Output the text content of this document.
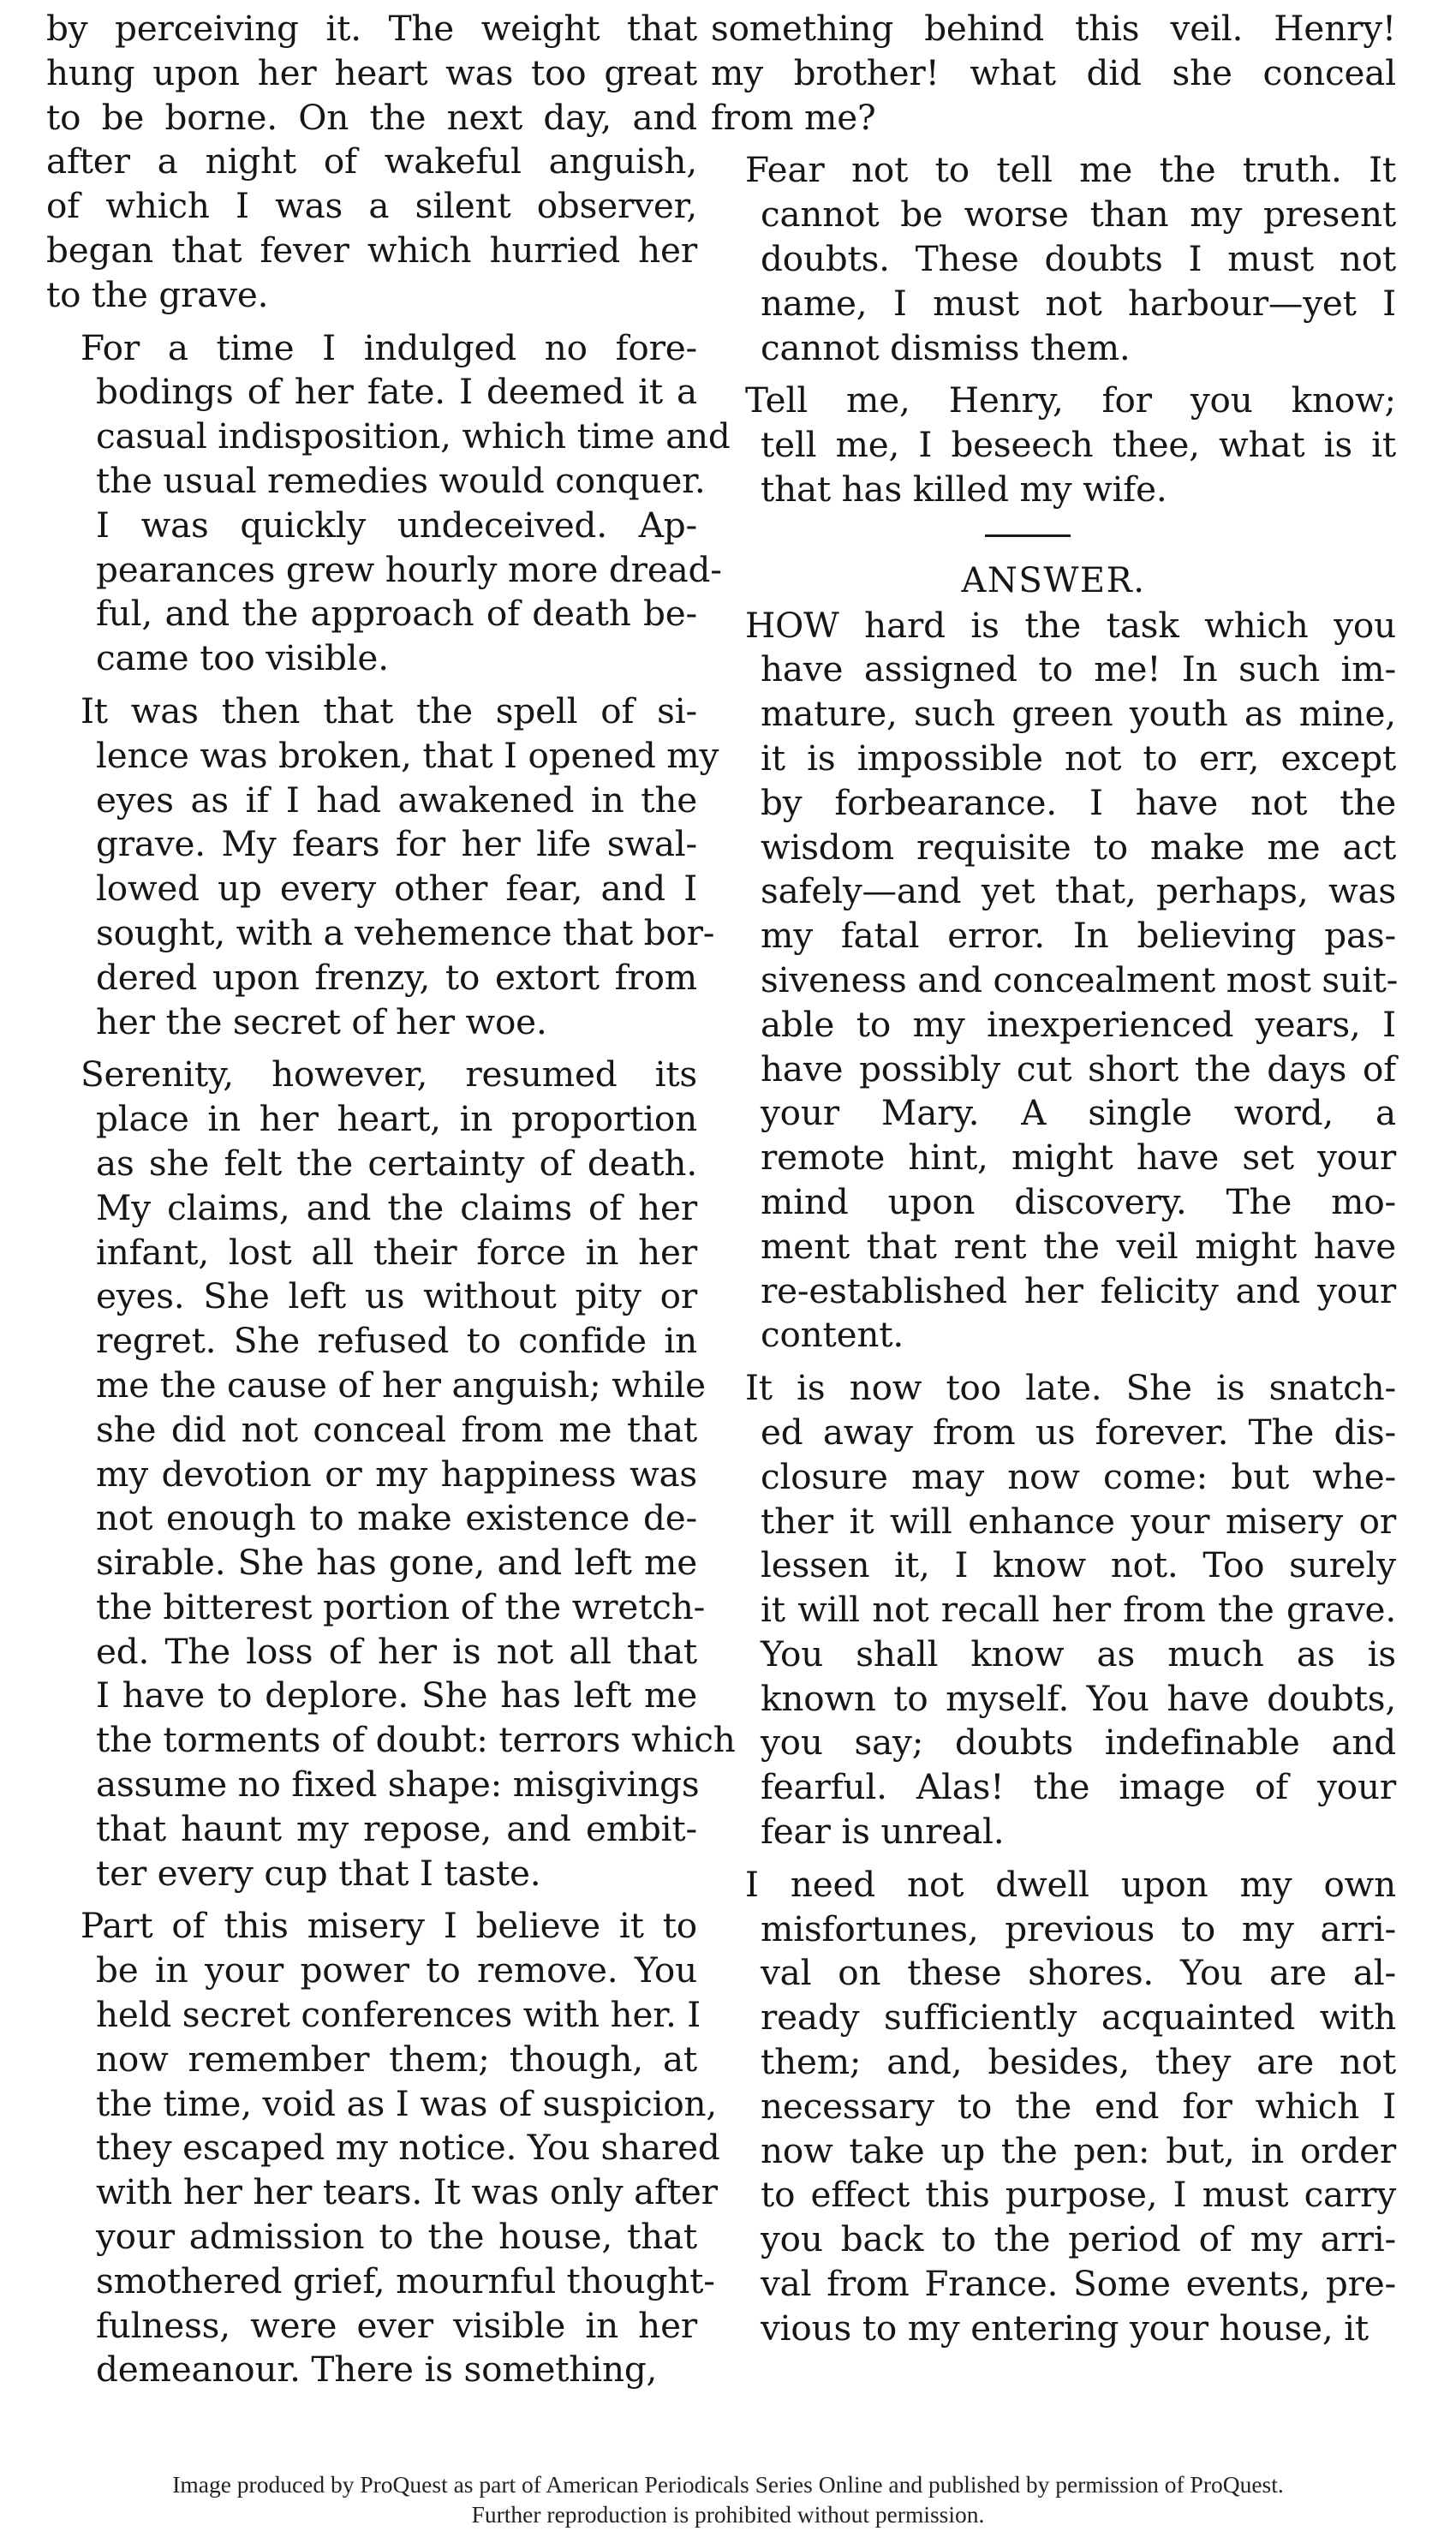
by perceiving it. The weight that
hung upon her heart was too great
to be borne. On the next day, and
after a night of wakeful anguish,
of which I was a silent observer,
began that fever which hurried her
to the grave.
For a time I indulged no fore-
bodings of her fate. I deemed it a
casual indisposition, which time and
the usual remedies would conquer.
I was quickly undeceived. Ap-
pearances grew hourly more dread-
ful, and the approach of death be-
came too visible.
It was then that the spell of si-
lence was broken, that I opened my
eyes as if I had awakened in the
grave. My fears for her life swal-
lowed up every other fear, and I
sought, with a vehemence that bor-
dered upon frenzy, to extort from
her the secret of her woe.
Serenity, however, resumed its
place in her heart, in proportion
as she felt the certainty of death.
My claims, and the claims of her
infant, lost all their force in her
eyes. She left us without pity or
regret. She refused to confide in
me the cause of her anguish; while
she did not conceal from me that
my devotion or my happiness was
not enough to make existence de-
sirable. She has gone, and left me
the bitterest portion of the wretch-
ed. The loss of her is not all that
I have to deplore. She has left me
the torments of doubt: terrors which
assume no fixed shape: misgivings
that haunt my repose, and embit-
ter every cup that I taste.
Part of this misery I believe it to
be in your power to remove. You
held secret conferences with her. I
now remember them; though, at
the time, void as I was of suspicion,
they escaped my notice. You shared
with her her tears. It was only after
your admission to the house, that
smothered grief, mournful thought-
fulness, were ever visible in her
demeanour. There is something,
something behind this veil. Henry!
my brother! what did she conceal
from me?
Fear not to tell me the truth. It
cannot be worse than my present
doubts. These doubts I must not
name, I must not harbour—yet I
cannot dismiss them.
Tell me, Henry, for you know;
tell me, I beseech thee, what is it
that has killed my wife.
ANSWER.
HOW hard is the task which you
have assigned to me! In such im-
mature, such green youth as mine,
it is impossible not to err, except
by forbearance. I have not the
wisdom requisite to make me act
safely—and yet that, perhaps, was
my fatal error. In believing pas-
siveness and concealment most suit-
able to my inexperienced years, I
have possibly cut short the days of
your Mary. A single word, a
remote hint, might have set your
mind upon discovery. The mo-
ment that rent the veil might have
re-established her felicity and your
content.
It is now too late. She is snatch-
ed away from us forever. The dis-
closure may now come: but whe-
ther it will enhance your misery or
lessen it, I know not. Too surely
it will not recall her from the grave.
You shall know as much as is
known to myself. You have doubts,
you say; doubts indefinable and
fearful. Alas! the image of your
fear is unreal.
I need not dwell upon my own
misfortunes, previous to my arri-
val on these shores. You are al-
ready sufficiently acquainted with
them; and, besides, they are not
necessary to the end for which I
now take up the pen: but, in order
to effect this purpose, I must carry
you back to the period of my arri-
val from France. Some events, pre-
vious to my entering your house, it
Image produced by ProQuest as part of American Periodicals Series Online and published by permission of ProQuest.
Further reproduction is prohibited without permission.
